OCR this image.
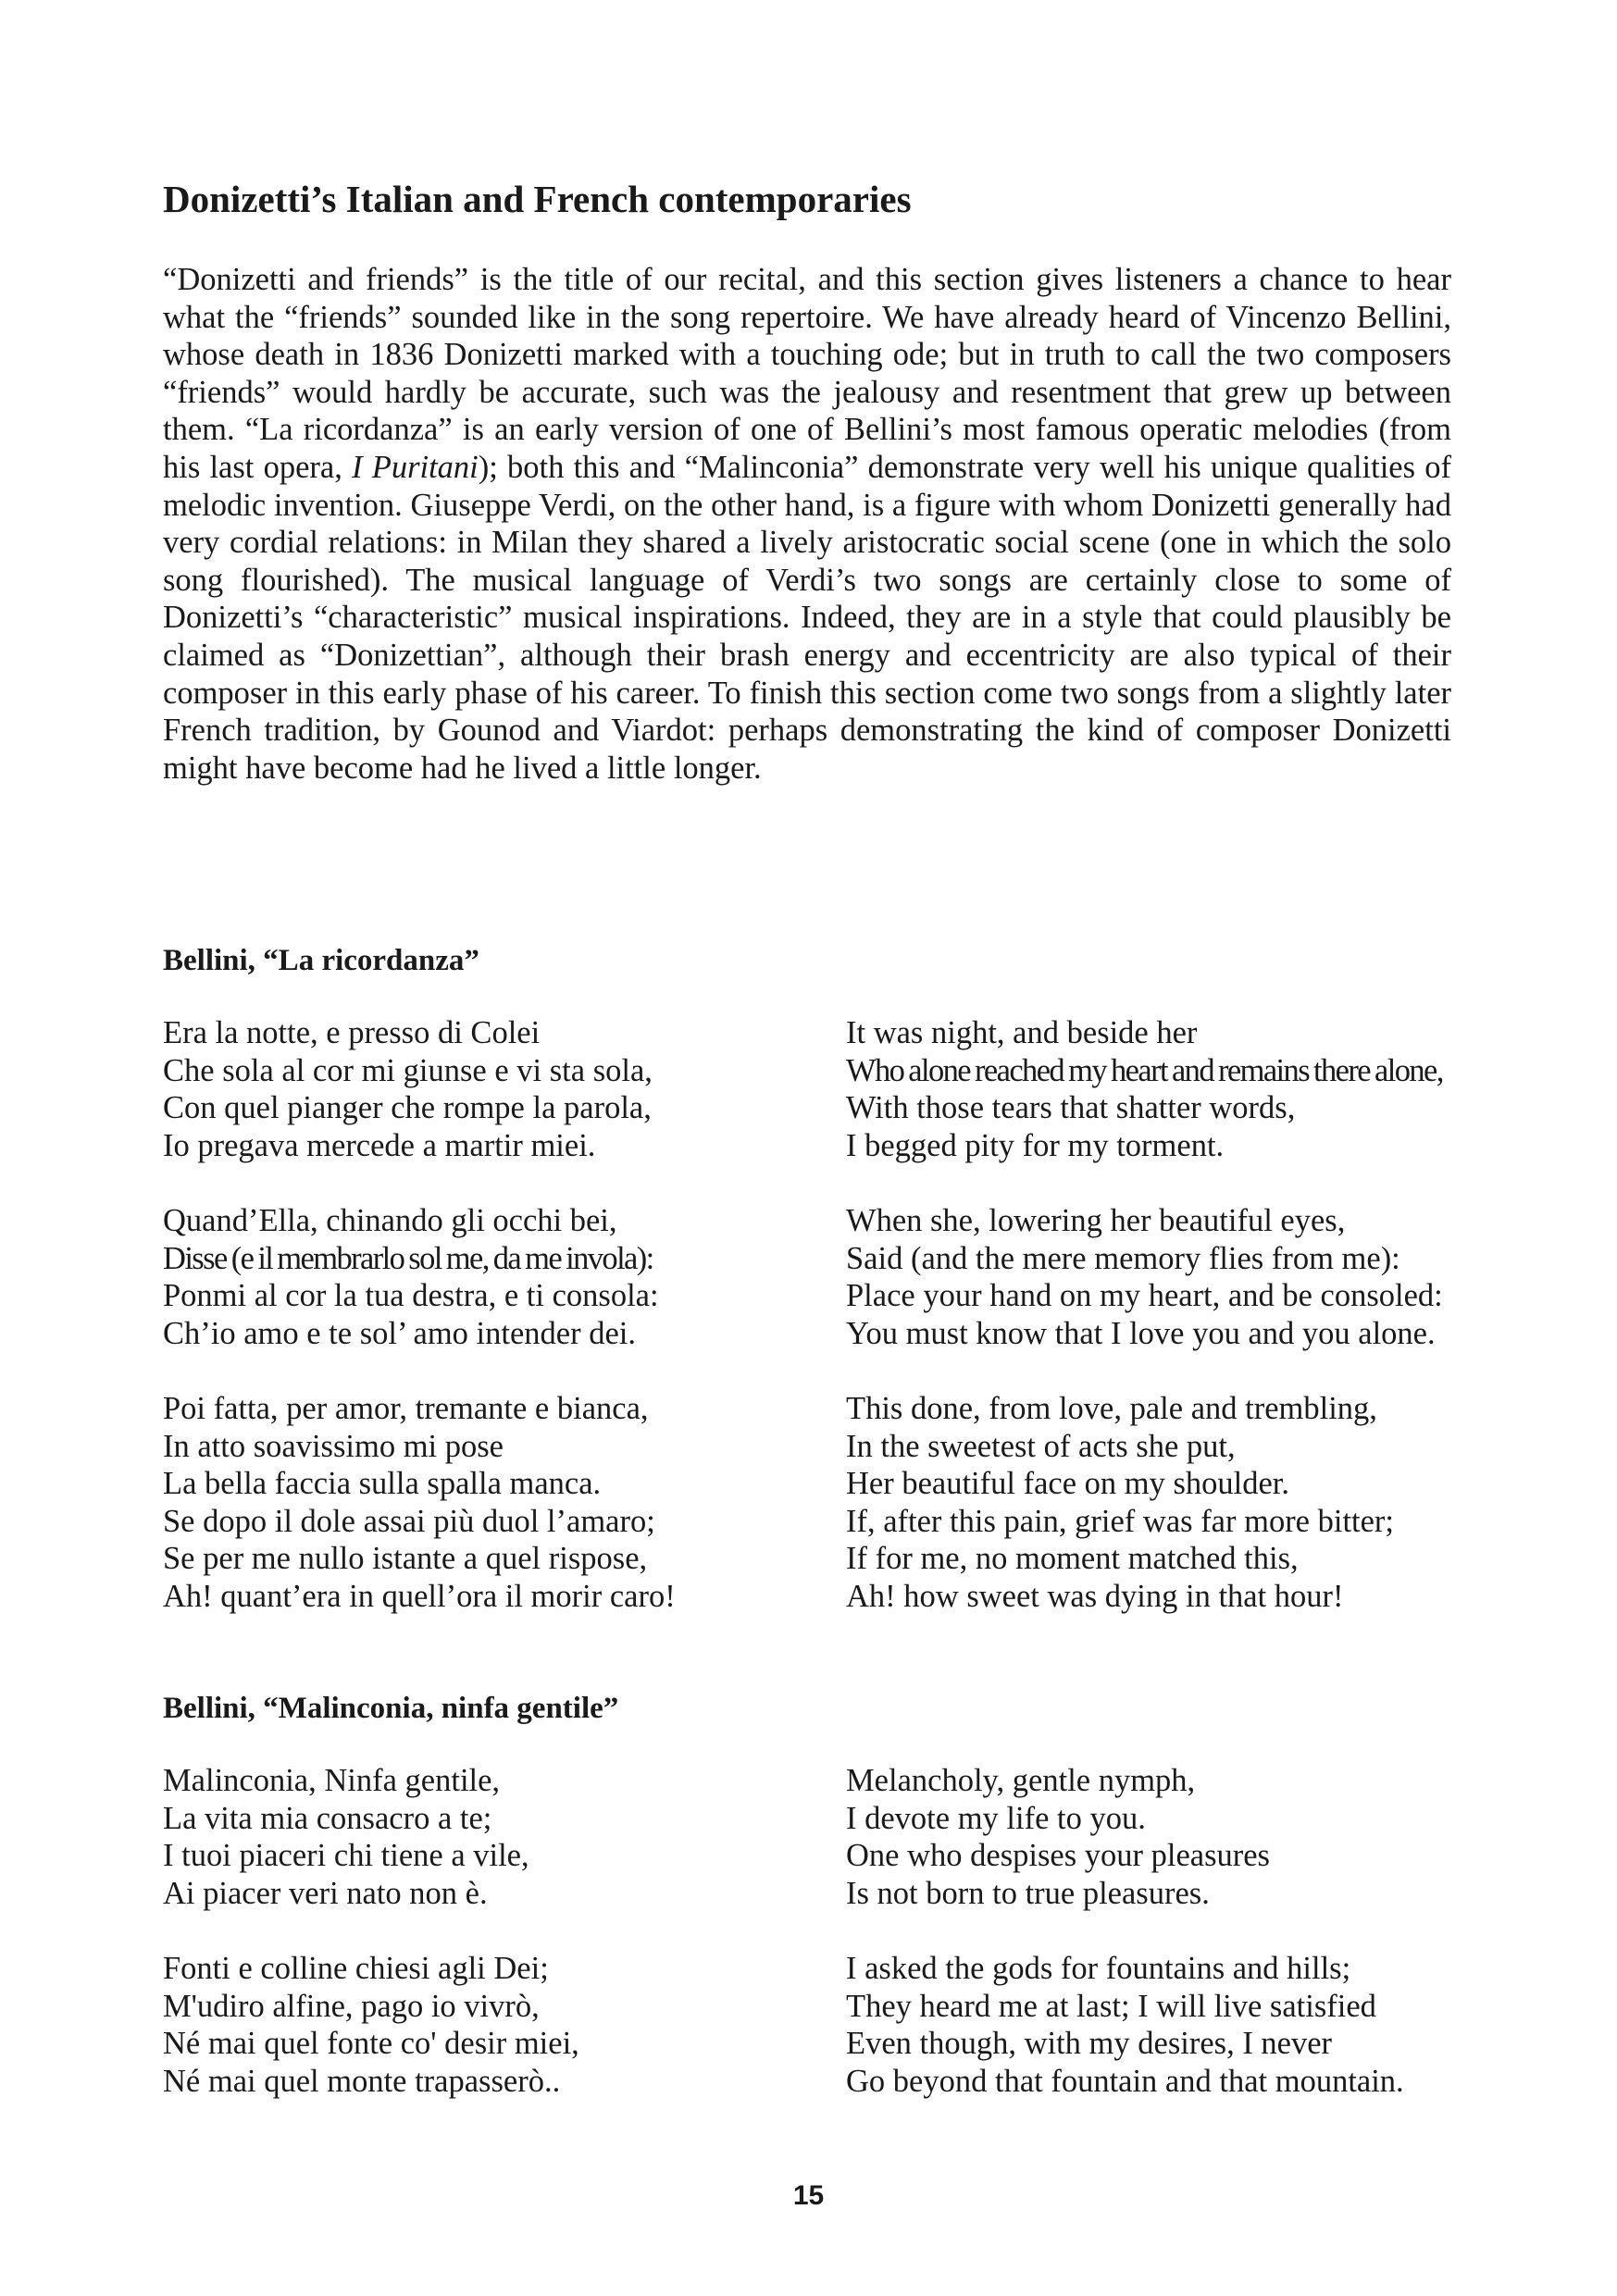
Donizetti’s Italian and French contemporaries

“Donizetti and friends” is the title of our recital, and this section gives listeners a chance to hear what the “friends” sounded like in the song repertoire. We have already heard of Vincenzo Bellini, whose death in 1836 Donizetti marked with a touching ode; but in truth to call the two composers “friends” would hardly be accurate, such was the jealousy and resentment that grew up between them. “La ricordanza” is an early version of one of Bellini’s most famous operatic melodies (from his last opera, I Puritani); both this and “Malinconia” demonstrate very well his unique qualities of melodic invention. Giuseppe Verdi, on the other hand, is a figure with whom Donizetti generally had very cordial relations: in Milan they shared a lively aristocratic social scene (one in which the solo song flourished). The musical language of Verdi’s two songs are certainly close to some of Donizetti’s “characteristic” musical inspirations. Indeed, they are in a style that could plausibly be claimed as “Donizettian”, although their brash energy and eccentricity are also typical of their composer in this early phase of his career. To finish this section come two songs from a slightly later French tradition, by Gounod and Viardot: perhaps demonstrating the kind of composer Donizetti might have become had he lived a little longer.

Bellini, “La ricordanza”

Era la notte, e presso di Colei
Che sola al cor mi giunse e vi sta sola,
Con quel pianger che rompe la parola,
Io pregava mercede a martir miei.

Quand’Ella, chinando gli occhi bei,
Disse (e il membrarlo sol me, da me invola):
Ponmi al cor la tua destra, e ti consola:
Ch’io amo e te sol’ amo intender dei.

Poi fatta, per amor, tremante e bianca,
In atto soavissimo mi pose
La bella faccia sulla spalla manca.
Se dopo il dole assai più duol l’amaro;
Se per me nullo istante a quel rispose,
Ah! quant’era in quell’ora il morir caro!

It was night, and beside her
Who alone reached my heart and remains there alone,
With those tears that shatter words,
I begged pity for my torment.

When she, lowering her beautiful eyes,
Said (and the mere memory flies from me):
Place your hand on my heart, and be consoled:
You must know that I love you and you alone.

This done, from love, pale and trembling,
In the sweetest of acts she put,
Her beautiful face on my shoulder.
If, after this pain, grief was far more bitter;
If for me, no moment matched this,
Ah! how sweet was dying in that hour!

Bellini, “Malinconia, ninfa gentile”

Malinconia, Ninfa gentile,
La vita mia consacro a te;
I tuoi piaceri chi tiene a vile,
Ai piacer veri nato non è.

Fonti e colline chiesi agli Dei;
M'udiro alfine, pago io vivrò,
Né mai quel fonte co' desir miei,
Né mai quel monte trapasserò..

Melancholy, gentle nymph,
I devote my life to you.
One who despises your pleasures
Is not born to true pleasures.

I asked the gods for fountains and hills;
They heard me at last; I will live satisfied
Even though, with my desires, I never
Go beyond that fountain and that mountain.

15
